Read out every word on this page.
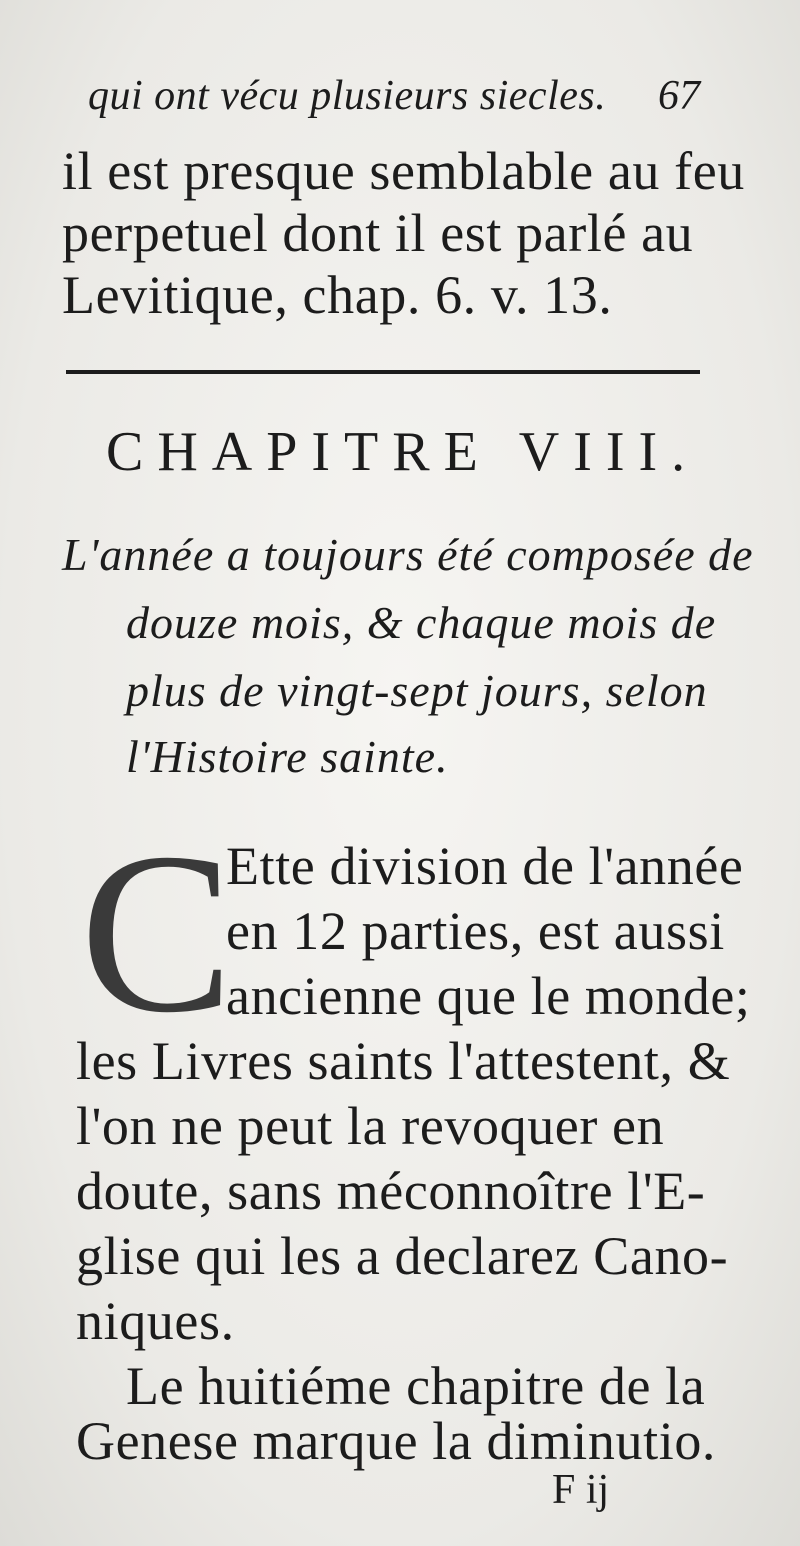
qui ont vécu plusieurs siecles. 67
il est presque semblable au feu
perpetuel dont il est parlé au
Levitique, chap. 6. v. 13.
CHAPITRE VIII.
L'année a toujours été composée de
douze mois, & chaque mois de
plus de vingt-sept jours, selon
l'Histoire sainte.
C
Ette division de l'année
en 12 parties, est aussi
ancienne que le monde;
les Livres saints l'attestent, &
l'on ne peut la revoquer en
doute, sans méconnoître l'E-
glise qui les a declarez Cano-
niques.
Le huitiéme chapitre de la
Genese marque la diminutio.
F ij
